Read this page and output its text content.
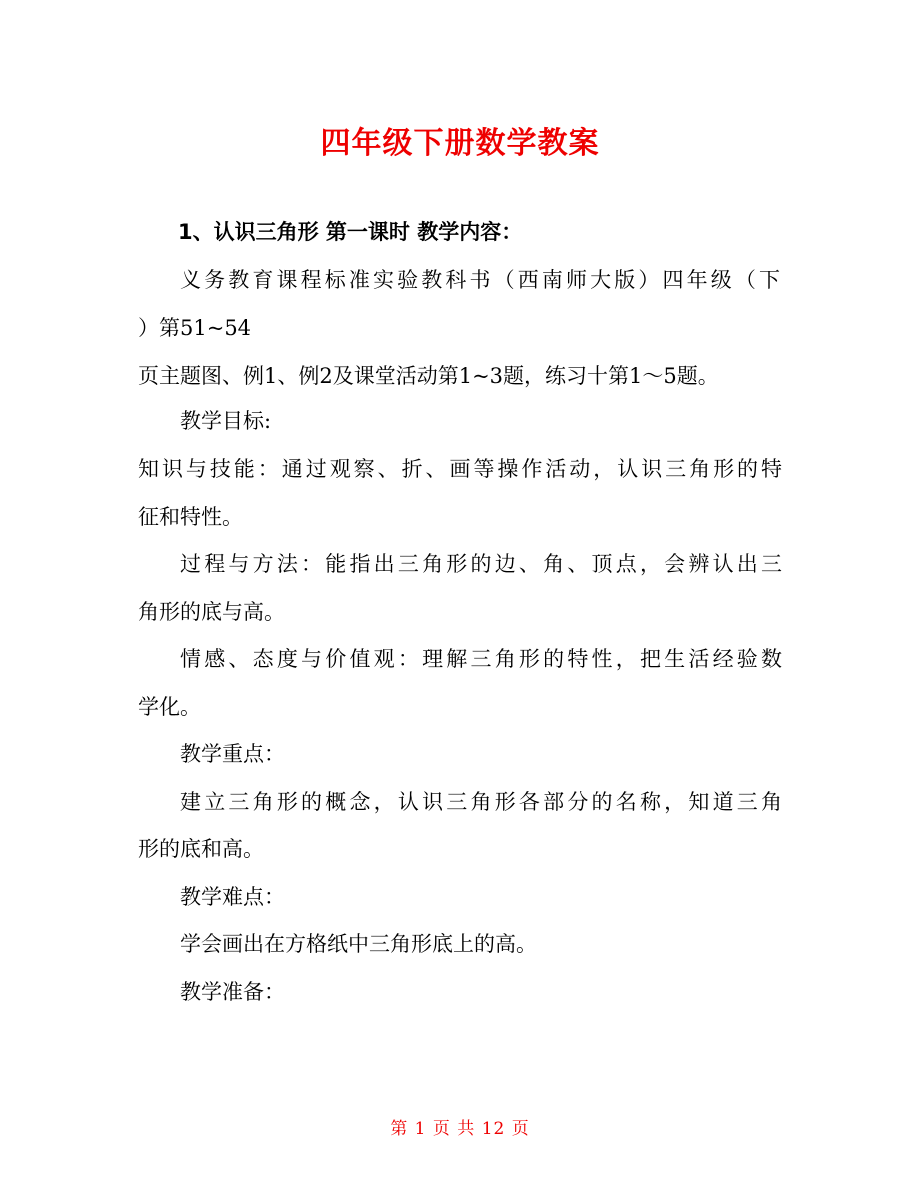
四年级下册数学教案
1、认识三角形 第一课时 教学内容：
义务教育课程标准实验教科书（西南师大版）四年级（下
）第51~54
页主题图、例1、例2及课堂活动第1~3题，练习十第1～5题。
教学目标:
知识与技能：通过观察、折、画等操作活动，认识三角形的特
征和特性。
过程与方法：能指出三角形的边、角、顶点，会辨认出三
角形的底与高。
情感、态度与价值观：理解三角形的特性，把生活经验数
学化。
教学重点：
建立三角形的概念，认识三角形各部分的名称，知道三角
形的底和高。
教学难点：
学会画出在方格纸中三角形底上的高。
教学准备：
第 1 页 共 12 页
